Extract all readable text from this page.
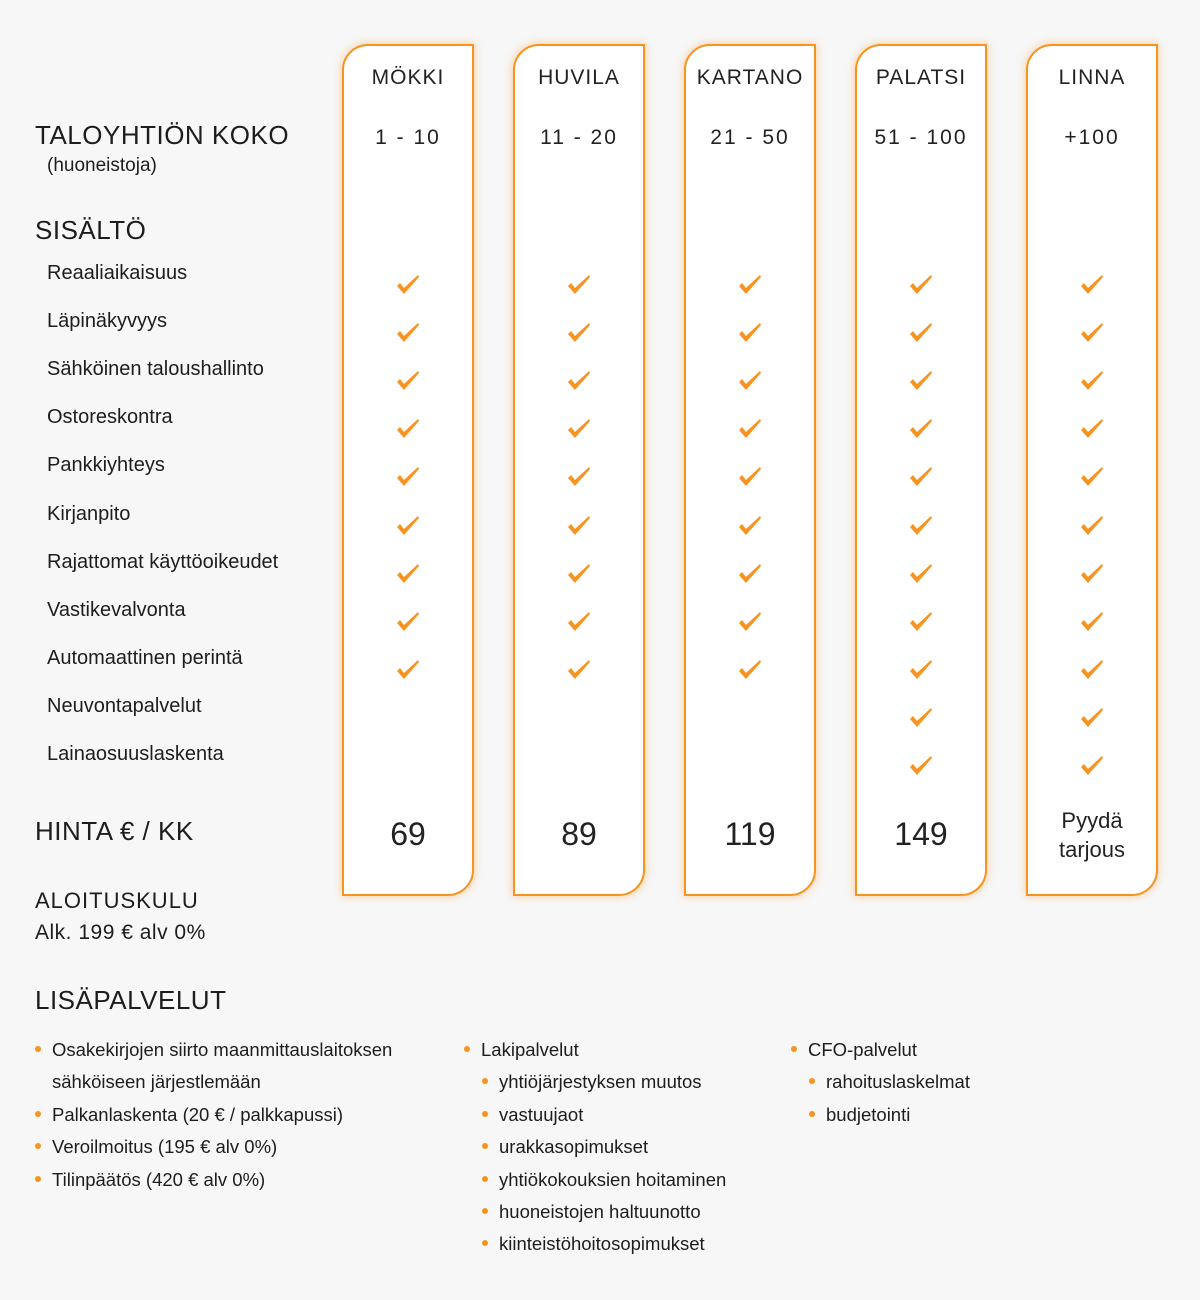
TALOYHTIÖN KOKO
(huoneistoja)
SISÄLTÖ
Reaaliaikaisuus
Läpinäkyvyys
Sähköinen taloushallinto
Ostoreskontra
Pankkiyhteys
Kirjanpito
Rajattomat käyttöoikeudet
Vastikevalvonta
Automaattinen perintä
Neuvontapalvelut
Lainaosuuslaskenta
HINTA € / KK
ALOITUSKULU
Alk. 199 € alv 0%
MÖKKI
1 - 10
69
HUVILA
11 - 20
89
KARTANO
21 - 50
119
PALATSI
51 - 100
149
LINNA
+100
Pyydä
tarjous
LISÄPALVELUT
Osakekirjojen siirto maanmittauslaitoksen
sähköiseen järjestlemään
Palkanlaskenta (20 € / palkkapussi)
Veroilmoitus (195 € alv 0%)
Tilinpäätös (420 € alv 0%)
Lakipalvelut
yhtiöjärjestyksen muutos
vastuujaot
urakkasopimukset
yhtiökokouksien hoitaminen
huoneistojen haltuunotto
kiinteistöhoitosopimukset
CFO-palvelut
rahoituslaskelmat
budjetointi
